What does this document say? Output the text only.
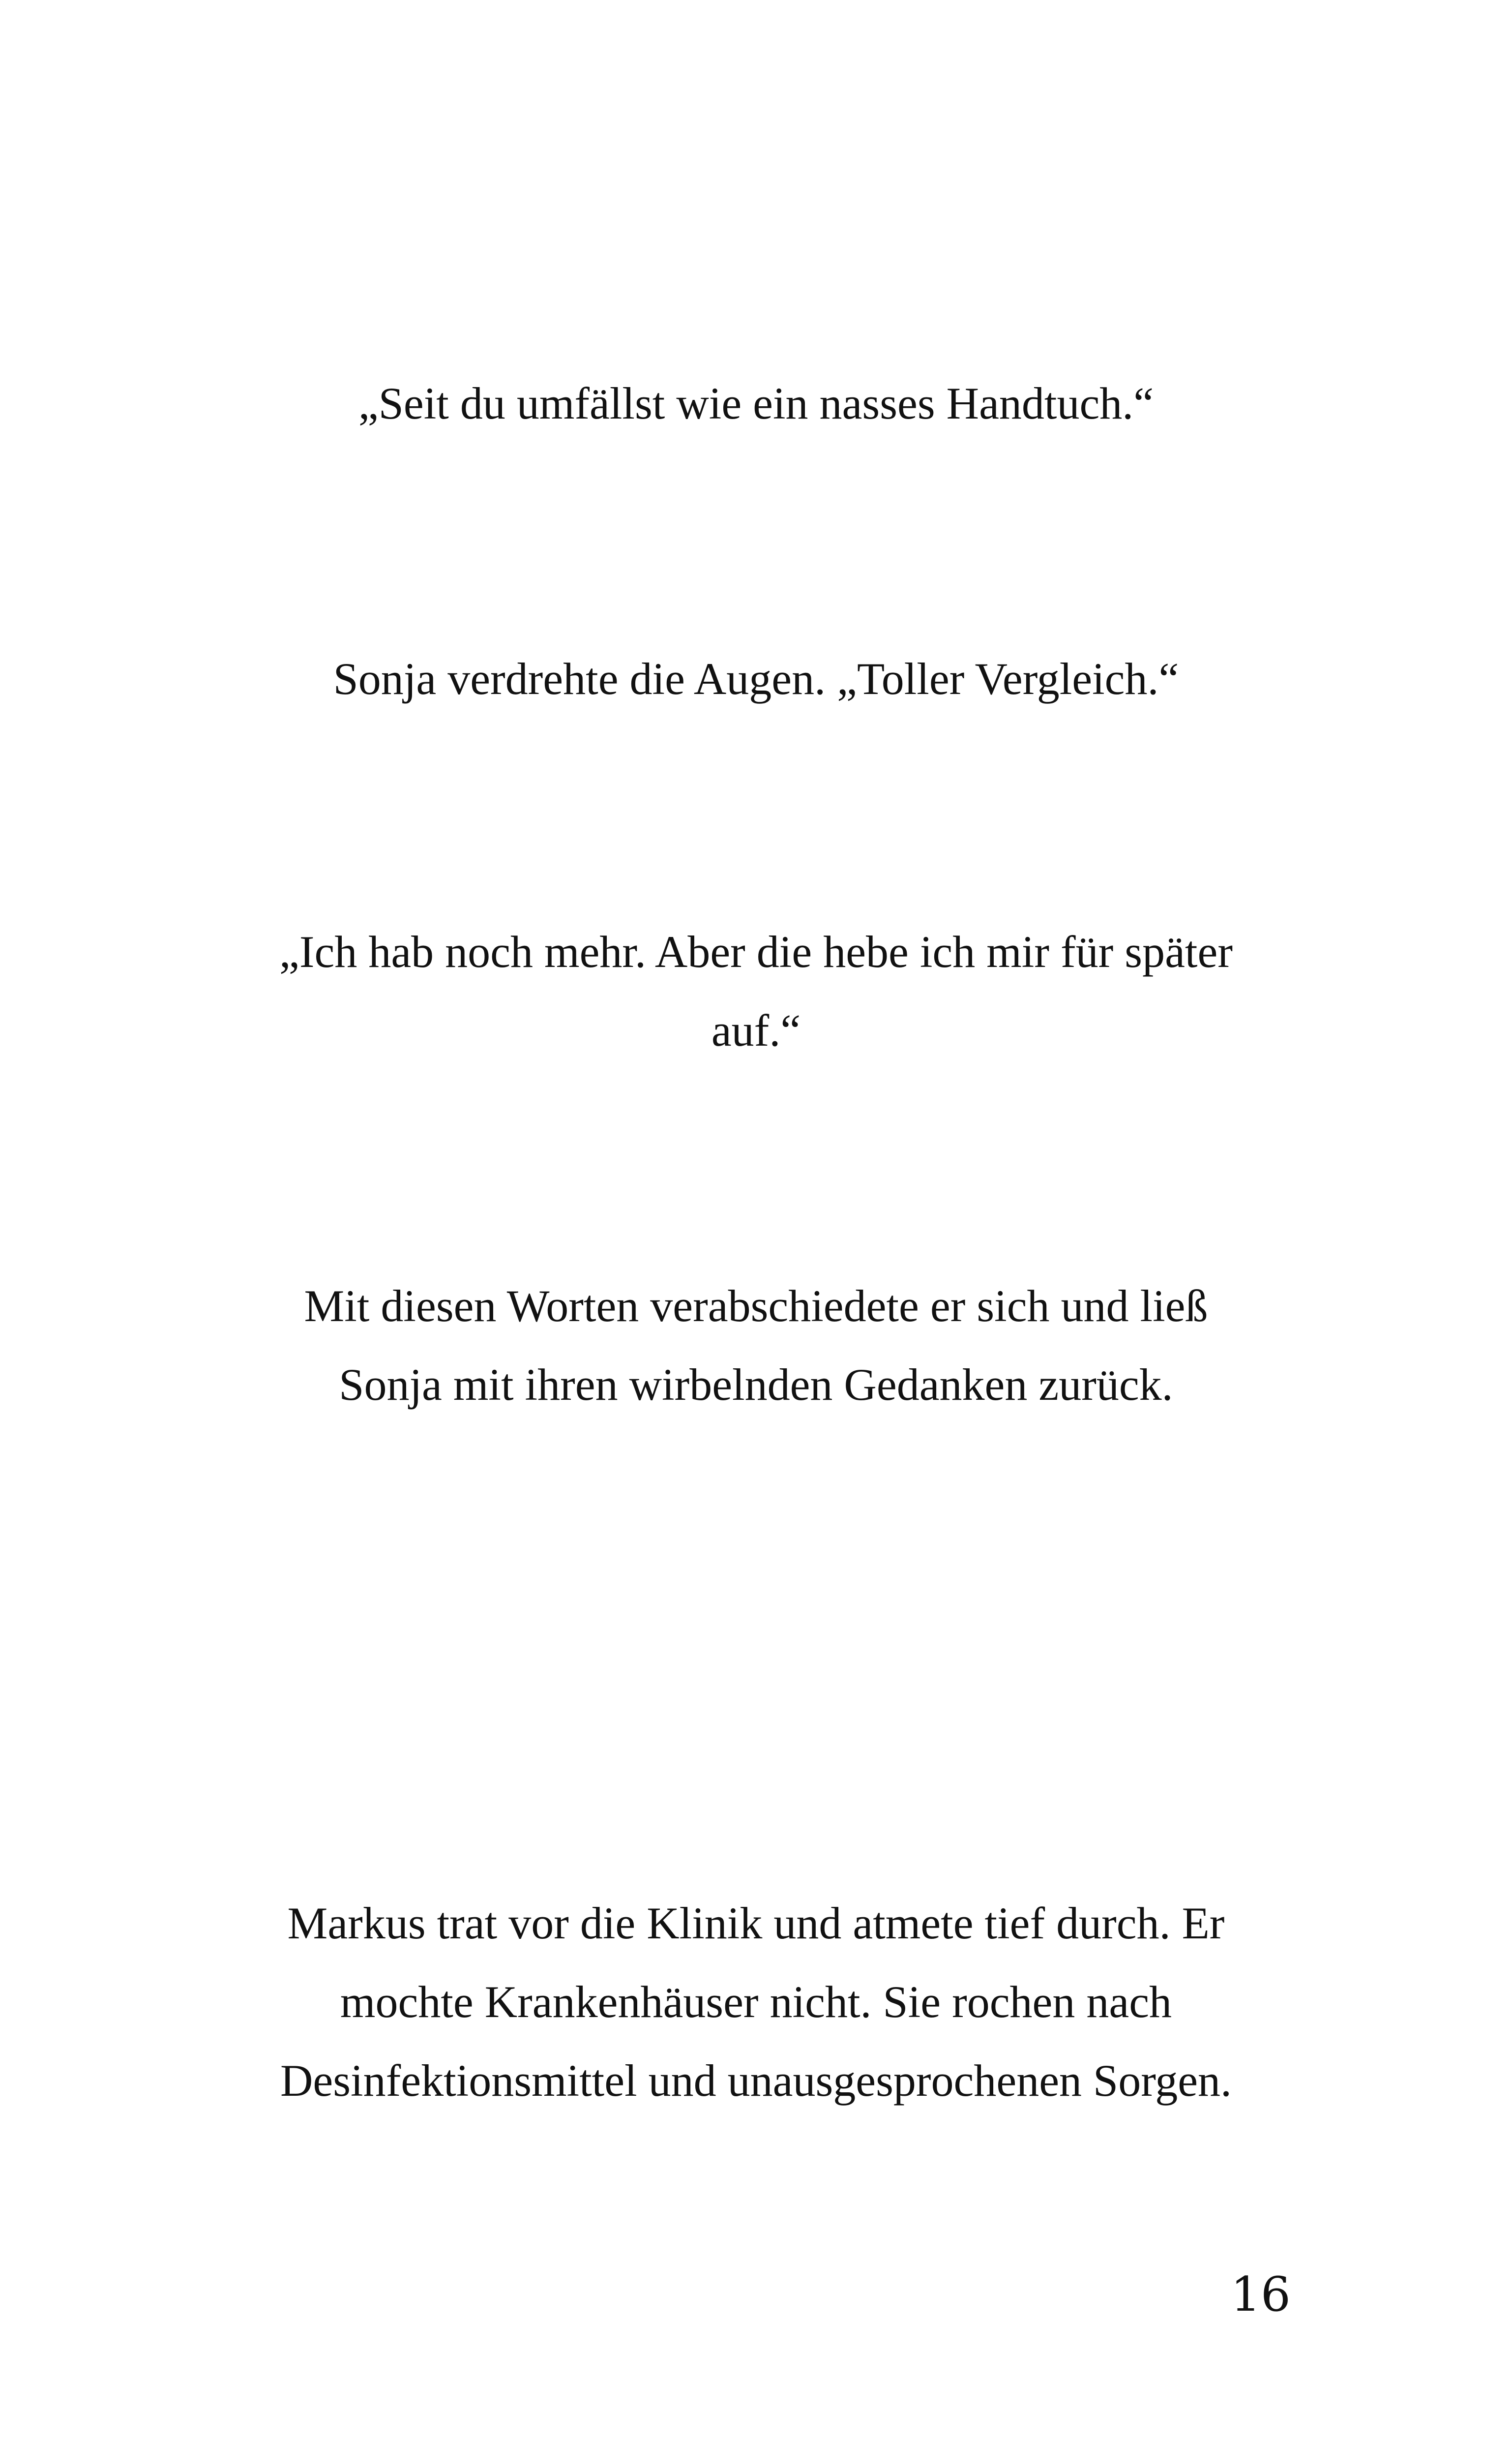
„Seit du umfällst wie ein nasses Handtuch.“

Sonja verdrehte die Augen. „Toller Vergleich.“

„Ich hab noch mehr. Aber die hebe ich mir für später
auf.“

Mit diesen Worten verabschiedete er sich und ließ
Sonja mit ihren wirbelnden Gedanken zurück.

Markus trat vor die Klinik und atmete tief durch. Er
mochte Krankenhäuser nicht. Sie rochen nach
Desinfektionsmittel und unausgesprochenen Sorgen.

16
